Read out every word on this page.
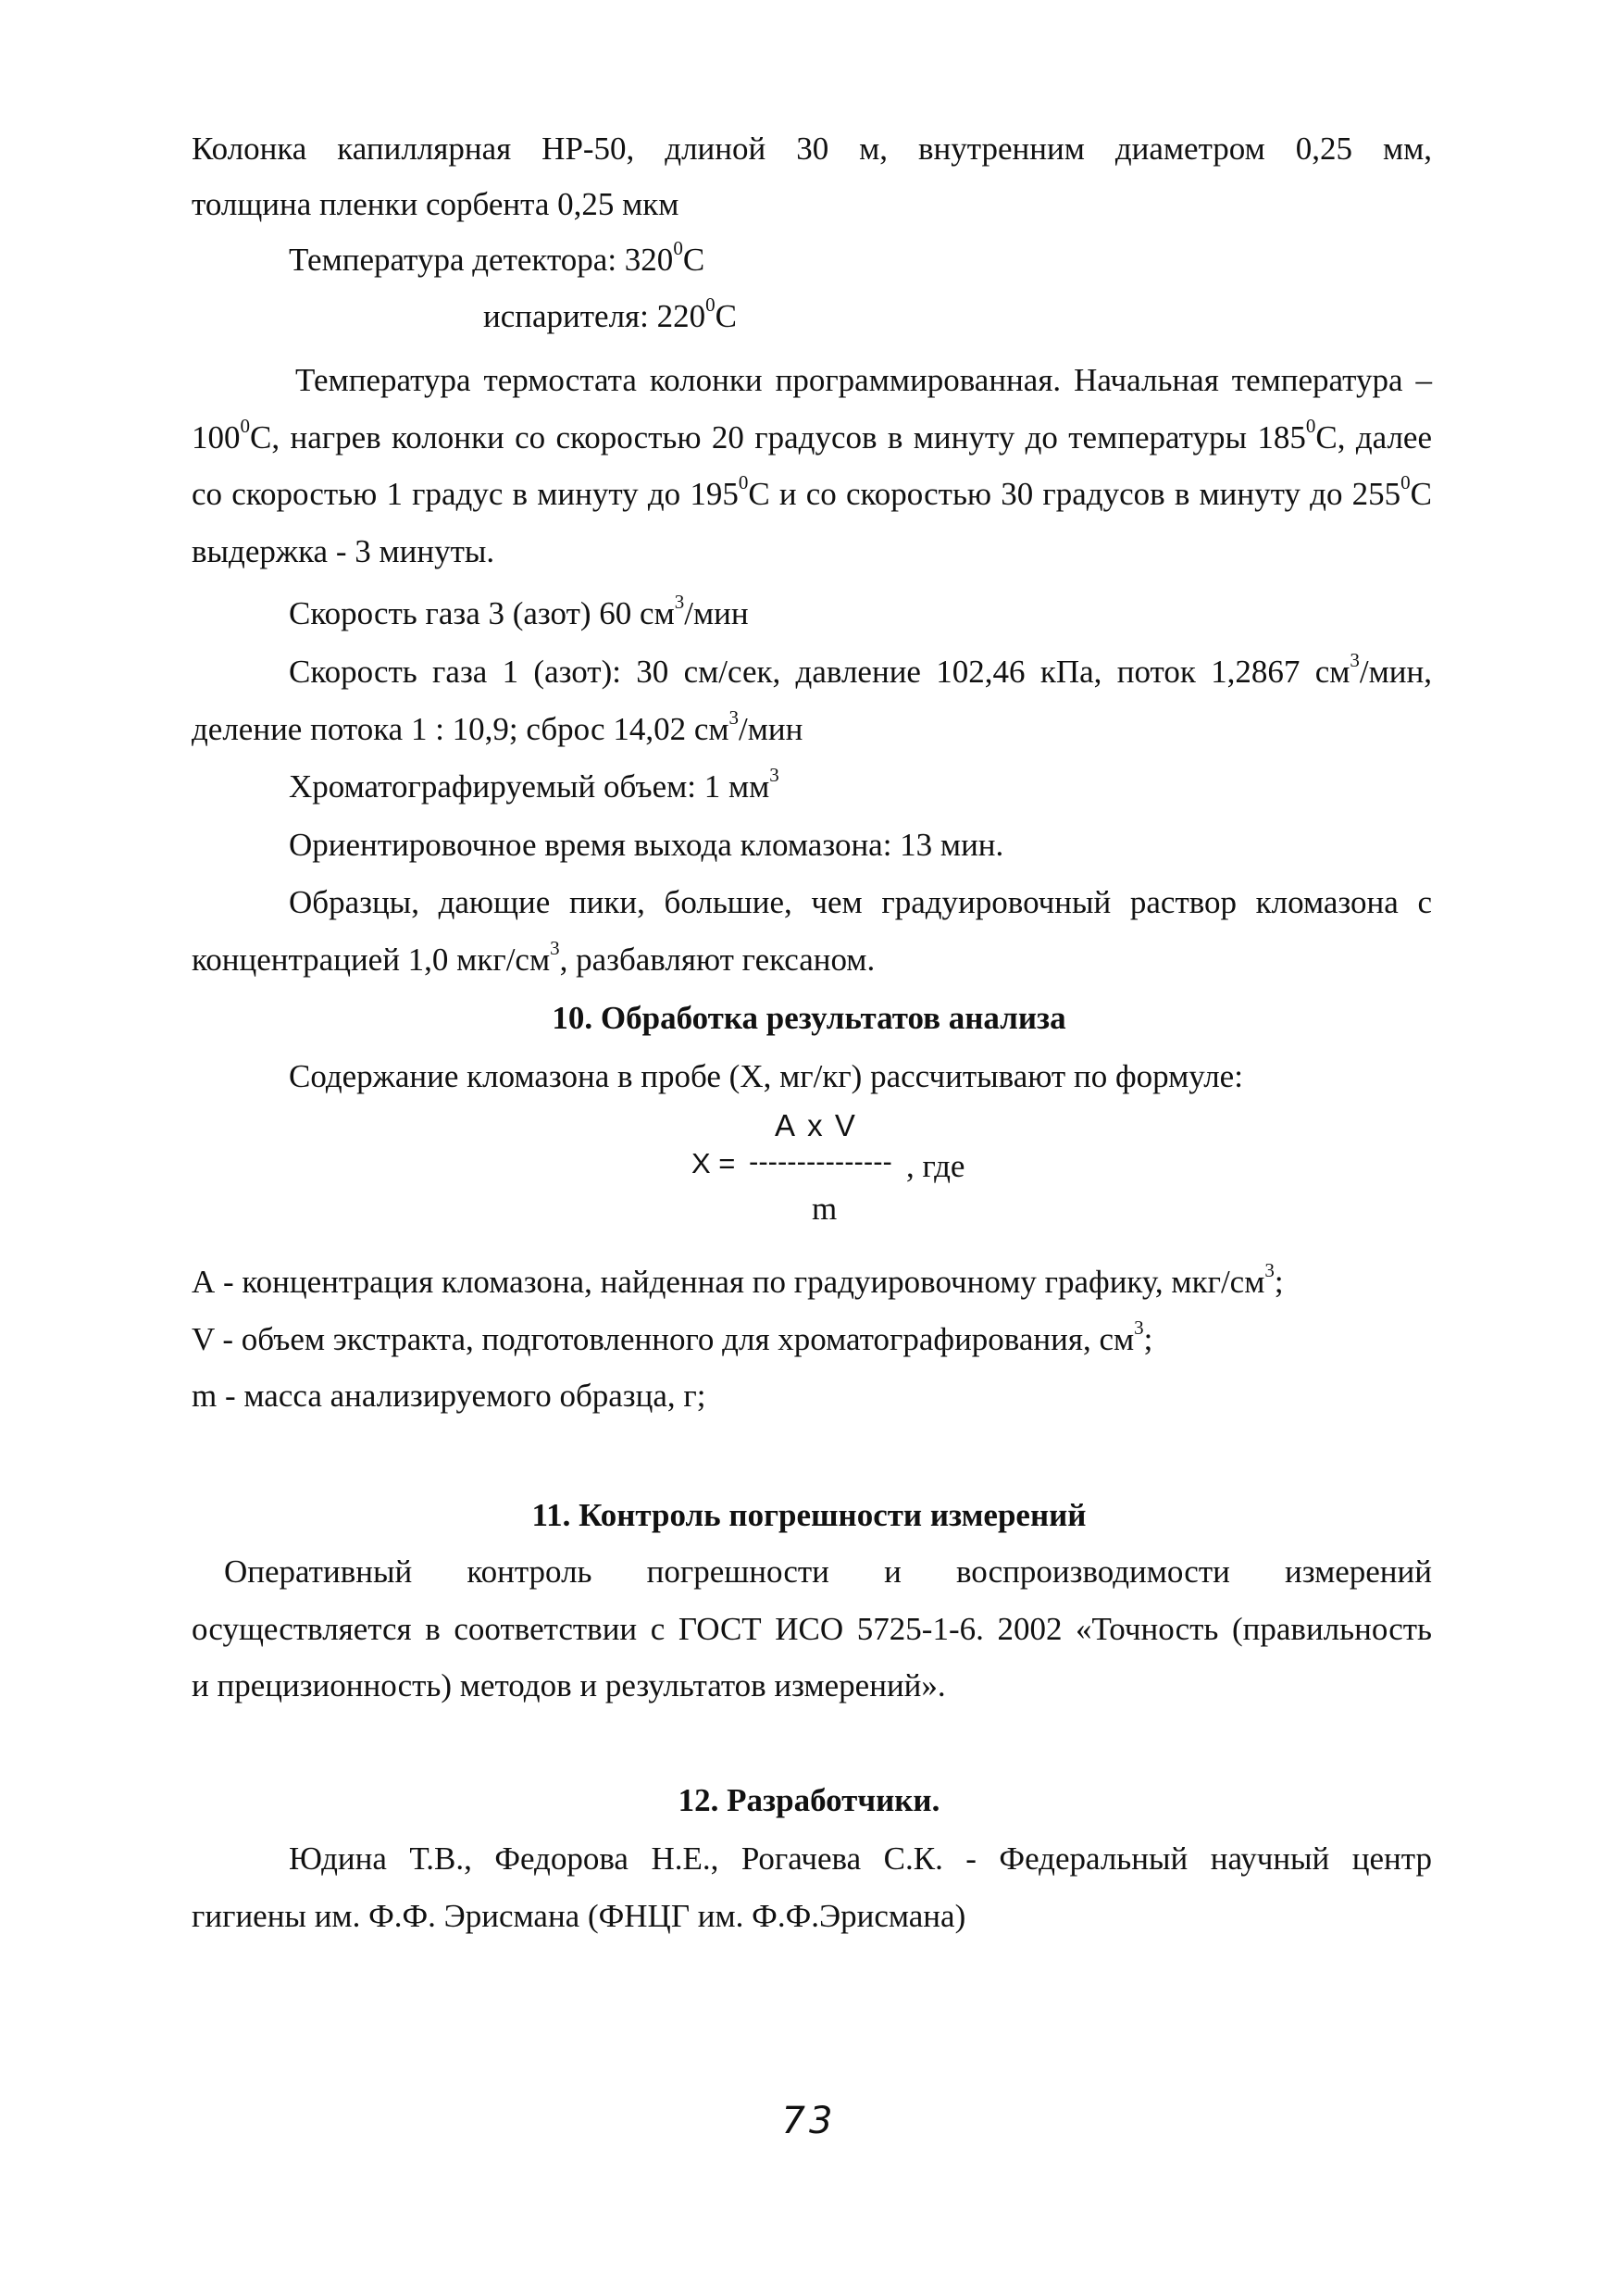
Колонка капиллярная HP-50, длиной 30 м, внутренним диаметром 0,25 мм,

толщина пленки сорбента 0,25 мкм

Температура детектора: $320^0С$

испарителя: $220^0С$

Температура термостата колонки программированная. Начальная температура –
$100^0С$, нагрев колонки со скоростью 20 градусов в минуту до температуры $185^0С$, далее
со скоростью 1 градус в минуту до $195^0С$ и со скоростью 30 градусов в минуту до $255^0С$
выдержка - 3 минуты.

Скорость газа 3 (азот) 60 $см^3$/мин

Скорость газа 1 (азот): 30 см/сек, давление 102,46 кПа, поток 1,2867 $см^3$/мин,
деление потока 1 : 10,9; сброс 14,02 $см^3$/мин

Хроматографируемый объем: 1 $мм^3$

Ориентировочное время выхода кломазона: 13 мин.

Образцы, дающие пики, большие, чем градуировочный раствор кломазона с
концентрацией 1,0 мкг/$см^3$, разбавляют гексаном.

10. Обработка результатов анализа

Содержание кломазона в пробе (Х, мг/кг) рассчитывают по формуле:

А х V
Х = --------------- , где
m
А - концентрация кломазона, найденная по градуировочному графику, мкг/$см^3$;
V - объем экстракта, подготовленного для хроматографирования, $см^3$;
m - масса анализируемого образца, г;

11. Контроль погрешности измерений

Оперативный контроль погрешности и воспроизводимости измерений
осуществляется в соответствии с ГОСТ ИСО 5725-1-6. 2002 «Точность (правильность
и прецизионность) методов и результатов измерений».

12. Разработчики.

Юдина Т.В., Федорова Н.Е., Рогачева С.К. - Федеральный научный центр
гигиены им. Ф.Ф. Эрисмана (ФНЦГ им. Ф.Ф.Эрисмана)

73
